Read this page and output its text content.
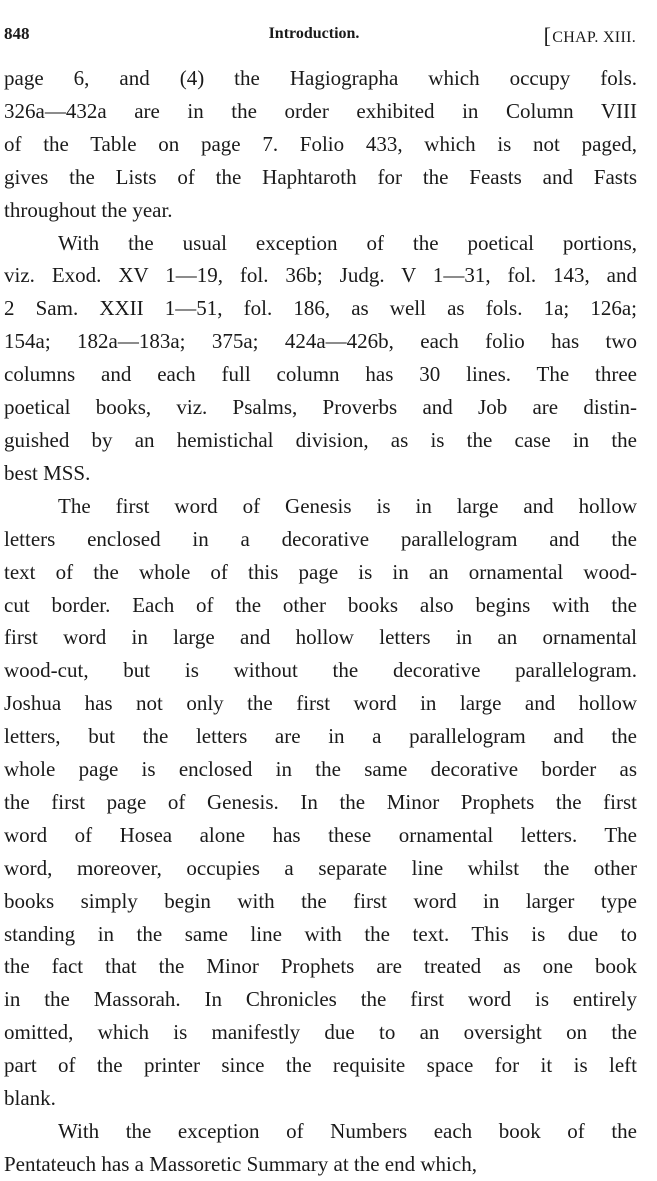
848	Introduction.	[CHAP. XIII.

page 6, and (4) the Hagiographa which occupy fols.
326a—432a are in the order exhibited in Column VIII
of the Table on page 7. Folio 433, which is not paged,
gives the Lists of the Haphtaroth for the Feasts and Fasts
throughout the year.

With the usual exception of the poetical portions,
viz. Exod. XV 1—19, fol. 36b; Judg. V 1—31, fol. 143, and
2 Sam. XXII 1—51, fol. 186, as well as fols. 1a; 126a;
154a; 182a—183a; 375a; 424a—426b, each folio has two
columns and each full column has 30 lines. The three
poetical books, viz. Psalms, Proverbs and Job are distin-
guished by an hemistichal division, as is the case in the
best MSS.

The first word of Genesis is in large and hollow
letters enclosed in a decorative parallelogram and the
text of the whole of this page is in an ornamental wood-
cut border. Each of the other books also begins with the
first word in large and hollow letters in an ornamental
wood-cut, but is without the decorative parallelogram.
Joshua has not only the first word in large and hollow
letters, but the letters are in a parallelogram and the
whole page is enclosed in the same decorative border as
the first page of Genesis. In the Minor Prophets the first
word of Hosea alone has these ornamental letters. The
word, moreover, occupies a separate line whilst the other
books simply begin with the first word in larger type
standing in the same line with the text. This is due to
the fact that the Minor Prophets are treated as one book
in the Massorah. In Chronicles the first word is entirely
omitted, which is manifestly due to an oversight on the
part of the printer since the requisite space for it is left
blank.

With the exception of Numbers each book of the
Pentateuch has a Massoretic Summary at the end which,
